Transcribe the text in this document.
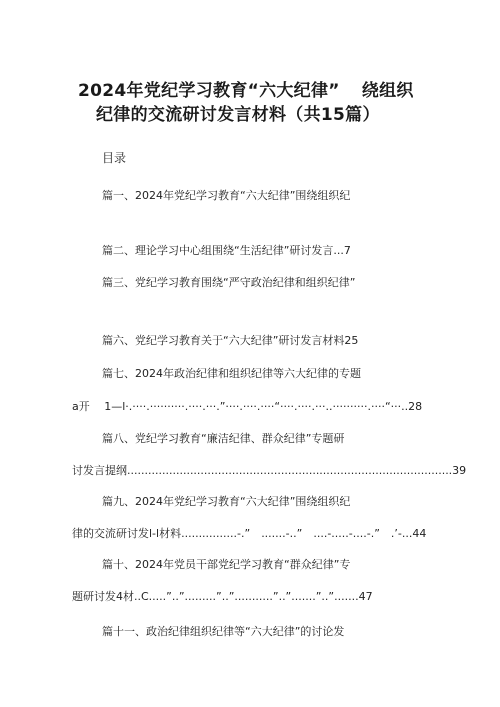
2024年党纪学习教育“六大纪律” 绕组织
纪律的交流研讨发言材料（共15篇）
目录
篇一、2024年党纪学习教育“六大纪律”围绕组织纪
篇二、理论学习中心组围绕“生活纪律”研讨发言...7
篇三、党纪学习教育围绕“严守政治纪律和组织纪律”
篇六、党纪学习教育关于“六大纪律”研讨发言材料25
篇七、2024年政治纪律和组织纪律等六大纪律的专题
a开　 1—l·.····.··········.····.···.”····.····.····“····.····.···..··········.····“···..28
篇八、党纪学习教育“廉洁纪律、群众纪律”专题研
讨发言提纲.............................................................................................39
篇九、2024年党纪学习教育“六大纪律”围绕组织纪
律的交流研讨发l-l材料................-.”　.......-..”　....-.....-....-.”　.’-...44
篇十、2024年党员干部党纪学习教育“群众纪律”专
题研讨发4材..C.....”..”.........”..”...........”..”.......”..”.......47
篇十一、政治纪律组织纪律等“六大纪律”的讨论发
